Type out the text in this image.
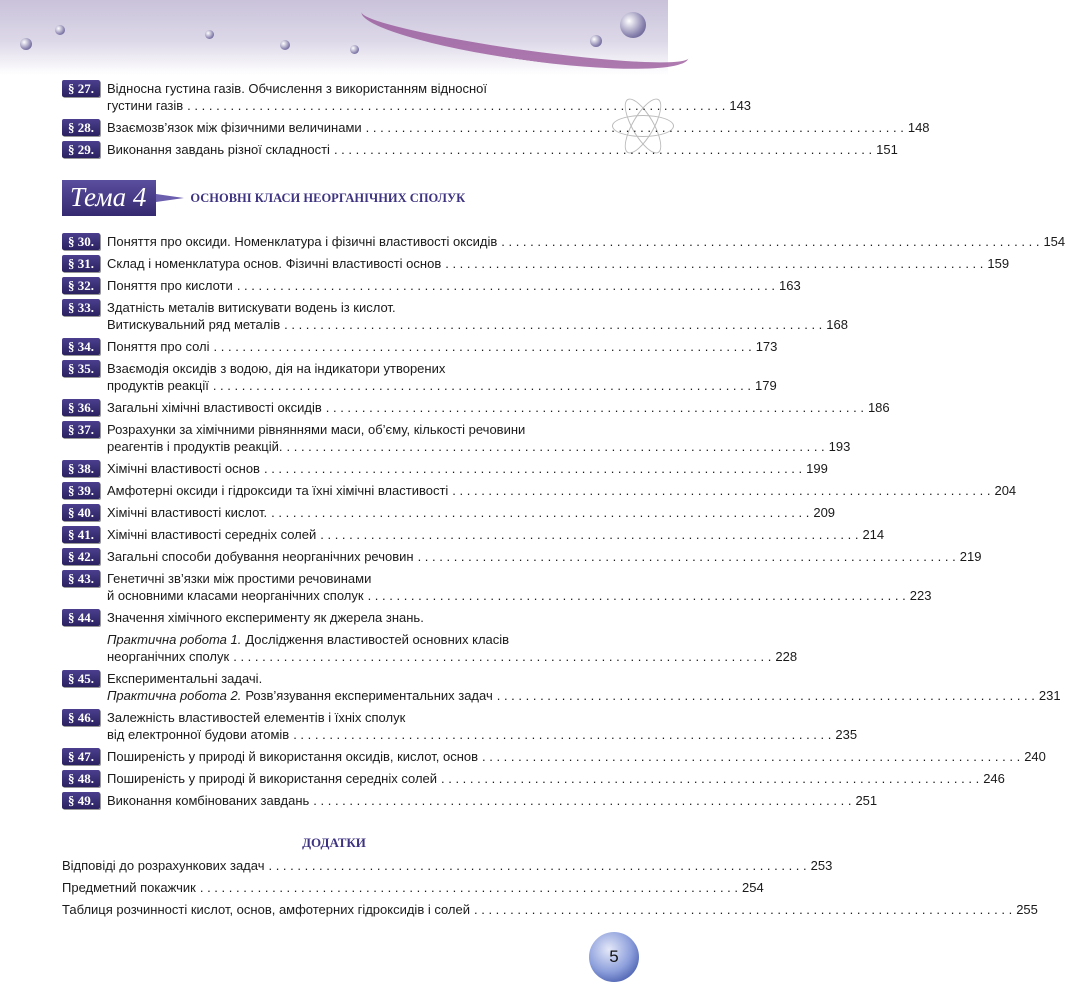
§ 27.	Відносна густина газів. Обчислення з використанням відносної
густини газів . . .	143
§ 28.	Взаємозв’язок між фізичними величинами . . .	148
§ 29.	Виконання завдань різної складності . . .	151
Тема 4	ОСНОВНІ КЛАСИ НЕОРГАНІЧНИХ СПОЛУК
§ 30.	Поняття про оксиди. Номенклатура і фізичні властивості оксидів . . .	154
§ 31.	Склад і номенклатура основ. Фізичні властивості основ . . .	159
§ 32.	Поняття про кислоти . . .	163
§ 33.	Здатність металів витискувати водень із кислот.
Витискувальний ряд металів . . .	168
§ 34.	Поняття про солі . . .	173
§ 35.	Взаємодія оксидів з водою, дія на індикатори утворених
продуктів реакції . . .	179
§ 36.	Загальні хімічні властивості оксидів . . .	186
§ 37.	Розрахунки за хімічними рівняннями маси, об’єму, кількості речовини
реагентів і продуктів реакцій. . . .	193
§ 38.	Хімічні властивості основ . . .	199
§ 39.	Амфотерні оксиди і гідроксиди та їхні хімічні властивості . . .	204
§ 40.	Хімічні властивості кислот. . . .	209
§ 41.	Хімічні властивості середніх солей . . .	214
§ 42.	Загальні способи добування неорганічних речовин . . .	219
§ 43.	Генетичні зв’язки між простими речовинами
й основними класами неорганічних сполук . . .	223
§ 44.	Значення хімічного експерименту як джерела знань.
Практична робота 1. Дослідження властивостей основних класів
неорганічних сполук . . .	228
§ 45.	Експериментальні задачі.
Практична робота 2. Розв’язування експериментальних задач . . .	231
§ 46.	Залежність властивостей елементів і їхніх сполук
від електронної будови атомів . . .	235
§ 47.	Поширеність у природі й використання оксидів, кислот, основ . . .	240
§ 48.	Поширеність у природі й використання середніх солей . . .	246
§ 49.	Виконання комбінованих завдань . . .	251
ДОДАТКИ
Відповіді до розрахункових задач . . .	253
Предметний покажчик . . .	254
Таблиця розчинності кислот, основ, амфотерних гідроксидів і солей . . .	255
5
